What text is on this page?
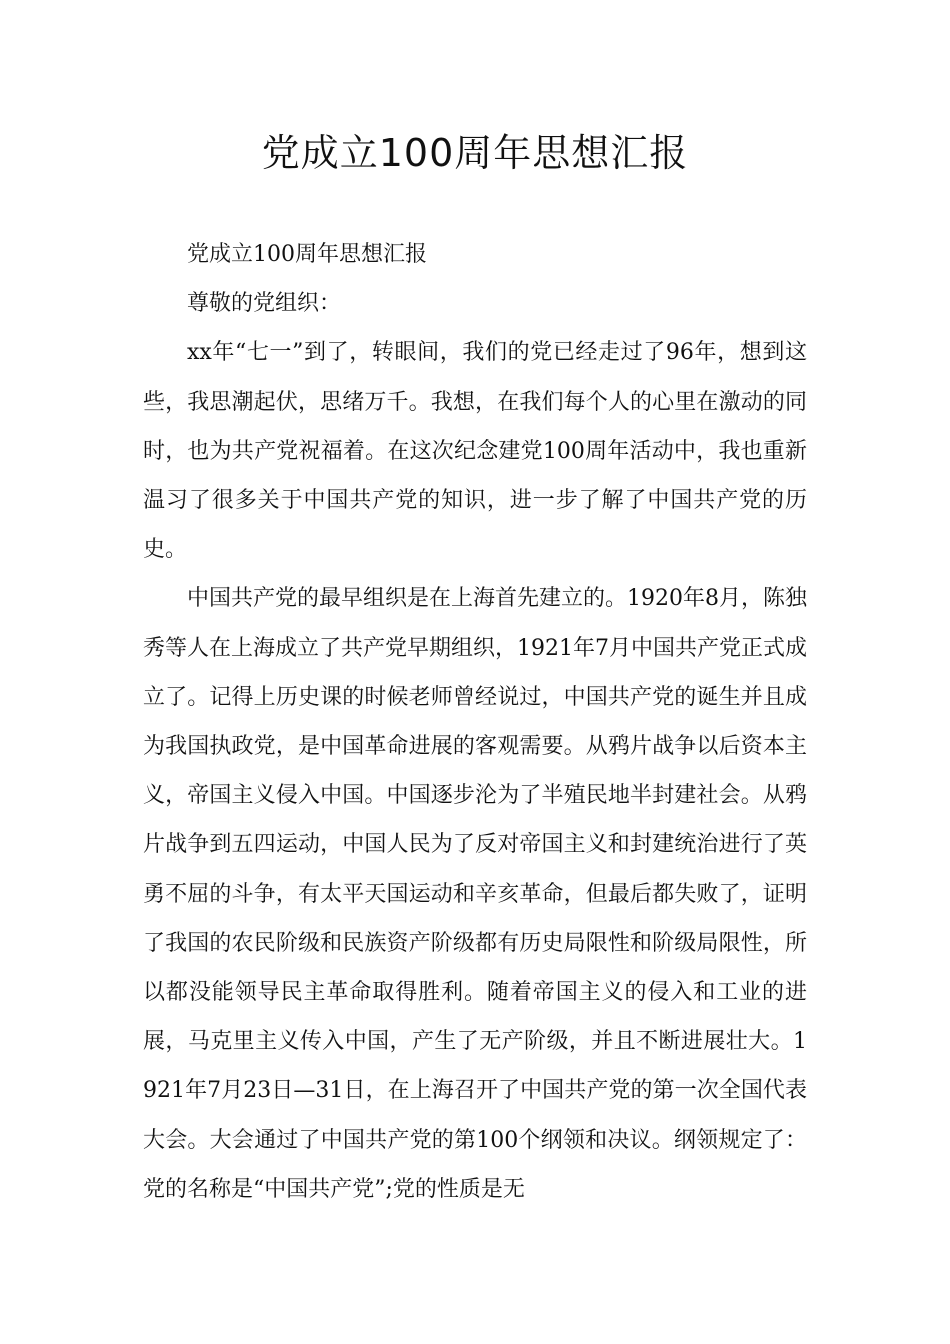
党成立100周年思想汇报

党成立100周年思想汇报

尊敬的党组织：

xx年“七一”到了，转眼间，我们的党已经走过了96年，想到这些，我思潮起伏，思绪万千。我想，在我们每个人的心里在激动的同时，也为共产党祝福着。在这次纪念建党100周年活动中，我也重新温习了很多关于中国共产党的知识，进一步了解了中国共产党的历史。

中国共产党的最早组织是在上海首先建立的。1920年8月，陈独秀等人在上海成立了共产党早期组织，1921年7月中国共产党正式成立了。记得上历史课的时候老师曾经说过，中国共产党的诞生并且成为我国执政党，是中国革命进展的客观需要。从鸦片战争以后资本主义，帝国主义侵入中国。中国逐步沦为了半殖民地半封建社会。从鸦片战争到五四运动，中国人民为了反对帝国主义和封建统治进行了英勇不屈的斗争，有太平天国运动和辛亥革命，但最后都失败了，证明了我国的农民阶级和民族资产阶级都有历史局限性和阶级局限性，所以都没能领导民主革命取得胜利。随着帝国主义的侵入和工业的进展，马克里主义传入中国，产生了无产阶级，并且不断进展壮大。1921年7月23日—31日，在上海召开了中国共产党的第一次全国代表大会。大会通过了中国共产党的第100个纲领和决议。纲领规定了：党的名称是“中国共产党”;党的性质是无
